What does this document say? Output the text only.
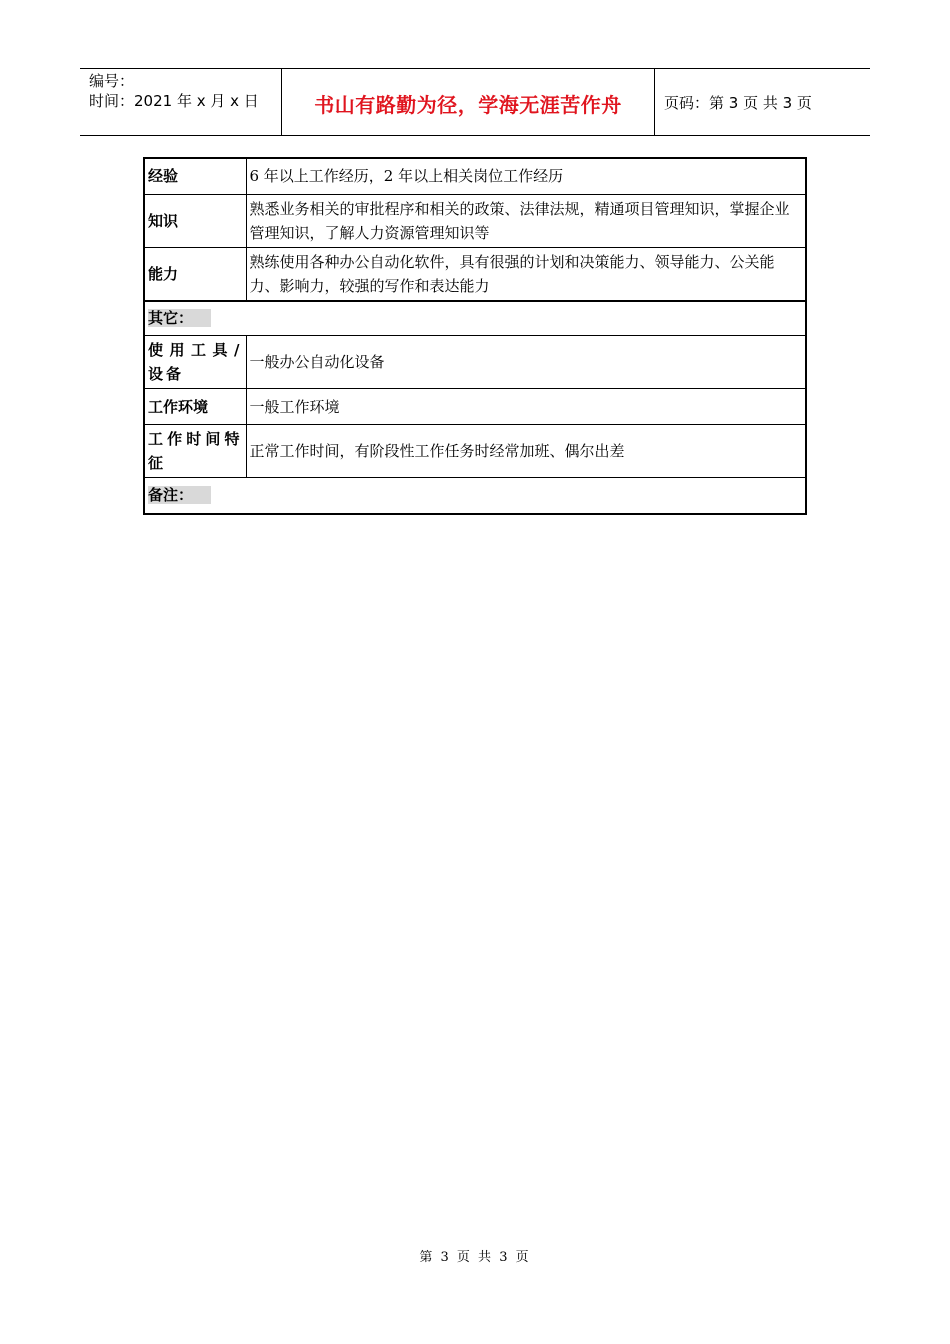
编号：
时间：2021 年 x 月 x 日	书山有路勤为径，学海无涯苦作舟	页码：第 3 页 共 3 页
经验	6 年以上工作经历，2 年以上相关岗位工作经历
知识	熟悉业务相关的审批程序和相关的政策、法律法规，精通项目管理知识，掌握企业管理知识，了解人力资源管理知识等
能力	熟练使用各种办公自动化软件，具有很强的计划和决策能力、领导能力、公关能力、影响力，较强的写作和表达能力
其它：	
使用工具/设备	一般办公自动化设备
工作环境	一般工作环境
工作时间特征	正常工作时间，有阶段性工作任务时经常加班、偶尔出差
备注：	
第 3 页 共 3 页
